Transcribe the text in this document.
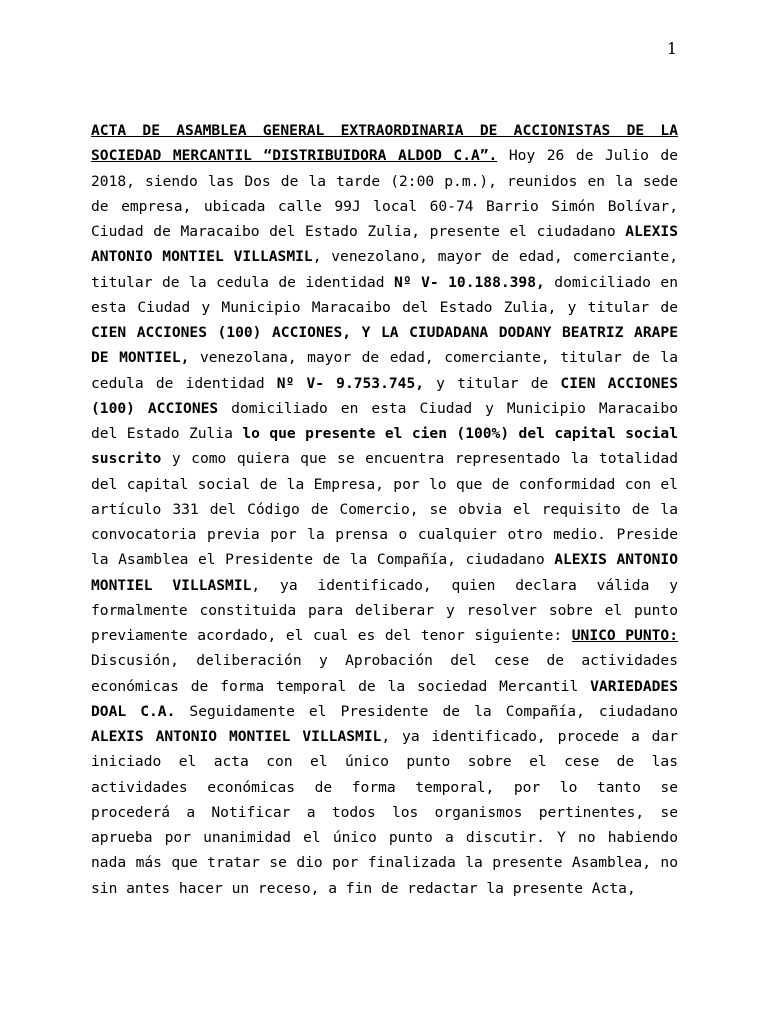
1
ACTA DE ASAMBLEA GENERAL EXTRAORDINARIA DE ACCIONISTAS DE LA SOCIEDAD MERCANTIL “DISTRIBUIDORA ALDOD C.A”. Hoy 26 de Julio de 2018, siendo las Dos de la tarde (2:00 p.m.), reunidos en la sede de empresa, ubicada calle 99J local 60-74 Barrio Simón Bolívar, Ciudad de Maracaibo del Estado Zulia, presente el ciudadano ALEXIS ANTONIO MONTIEL VILLASMIL, venezolano, mayor de edad, comerciante, titular de la cedula de identidad Nº V- 10.188.398, domiciliado en esta Ciudad y Municipio Maracaibo del Estado Zulia, y titular de CIEN ACCIONES (100) ACCIONES, Y LA CIUDADANA DODANY BEATRIZ ARAPE DE MONTIEL, venezolana, mayor de edad, comerciante, titular de la cedula de identidad Nº V- 9.753.745, y titular de CIEN ACCIONES (100) ACCIONES domiciliado en esta Ciudad y Municipio Maracaibo del Estado Zulia lo que presente el cien (100%) del capital social suscrito y como quiera que se encuentra representado la totalidad del capital social de la Empresa, por lo que de conformidad con el artículo 331 del Código de Comercio, se obvia el requisito de la convocatoria previa por la prensa o cualquier otro medio. Preside la Asamblea el Presidente de la Compañía, ciudadano ALEXIS ANTONIO MONTIEL VILLASMIL, ya identificado, quien declara válida y formalmente constituida para deliberar y resolver sobre el punto previamente acordado, el cual es del tenor siguiente: UNICO PUNTO: Discusión, deliberación y Aprobación del cese de actividades económicas de forma temporal de la sociedad Mercantil VARIEDADES DOAL C.A. Seguidamente el Presidente de la Compañía, ciudadano ALEXIS ANTONIO MONTIEL VILLASMIL, ya identificado, procede a dar iniciado el acta con el único punto sobre el cese de las actividades económicas de forma temporal, por lo tanto se procederá a Notificar a todos los organismos pertinentes, se aprueba por unanimidad el único punto a discutir. Y no habiendo nada más que tratar se dio por finalizada la presente Asamblea, no sin antes hacer un receso, a fin de redactar la presente Acta,
